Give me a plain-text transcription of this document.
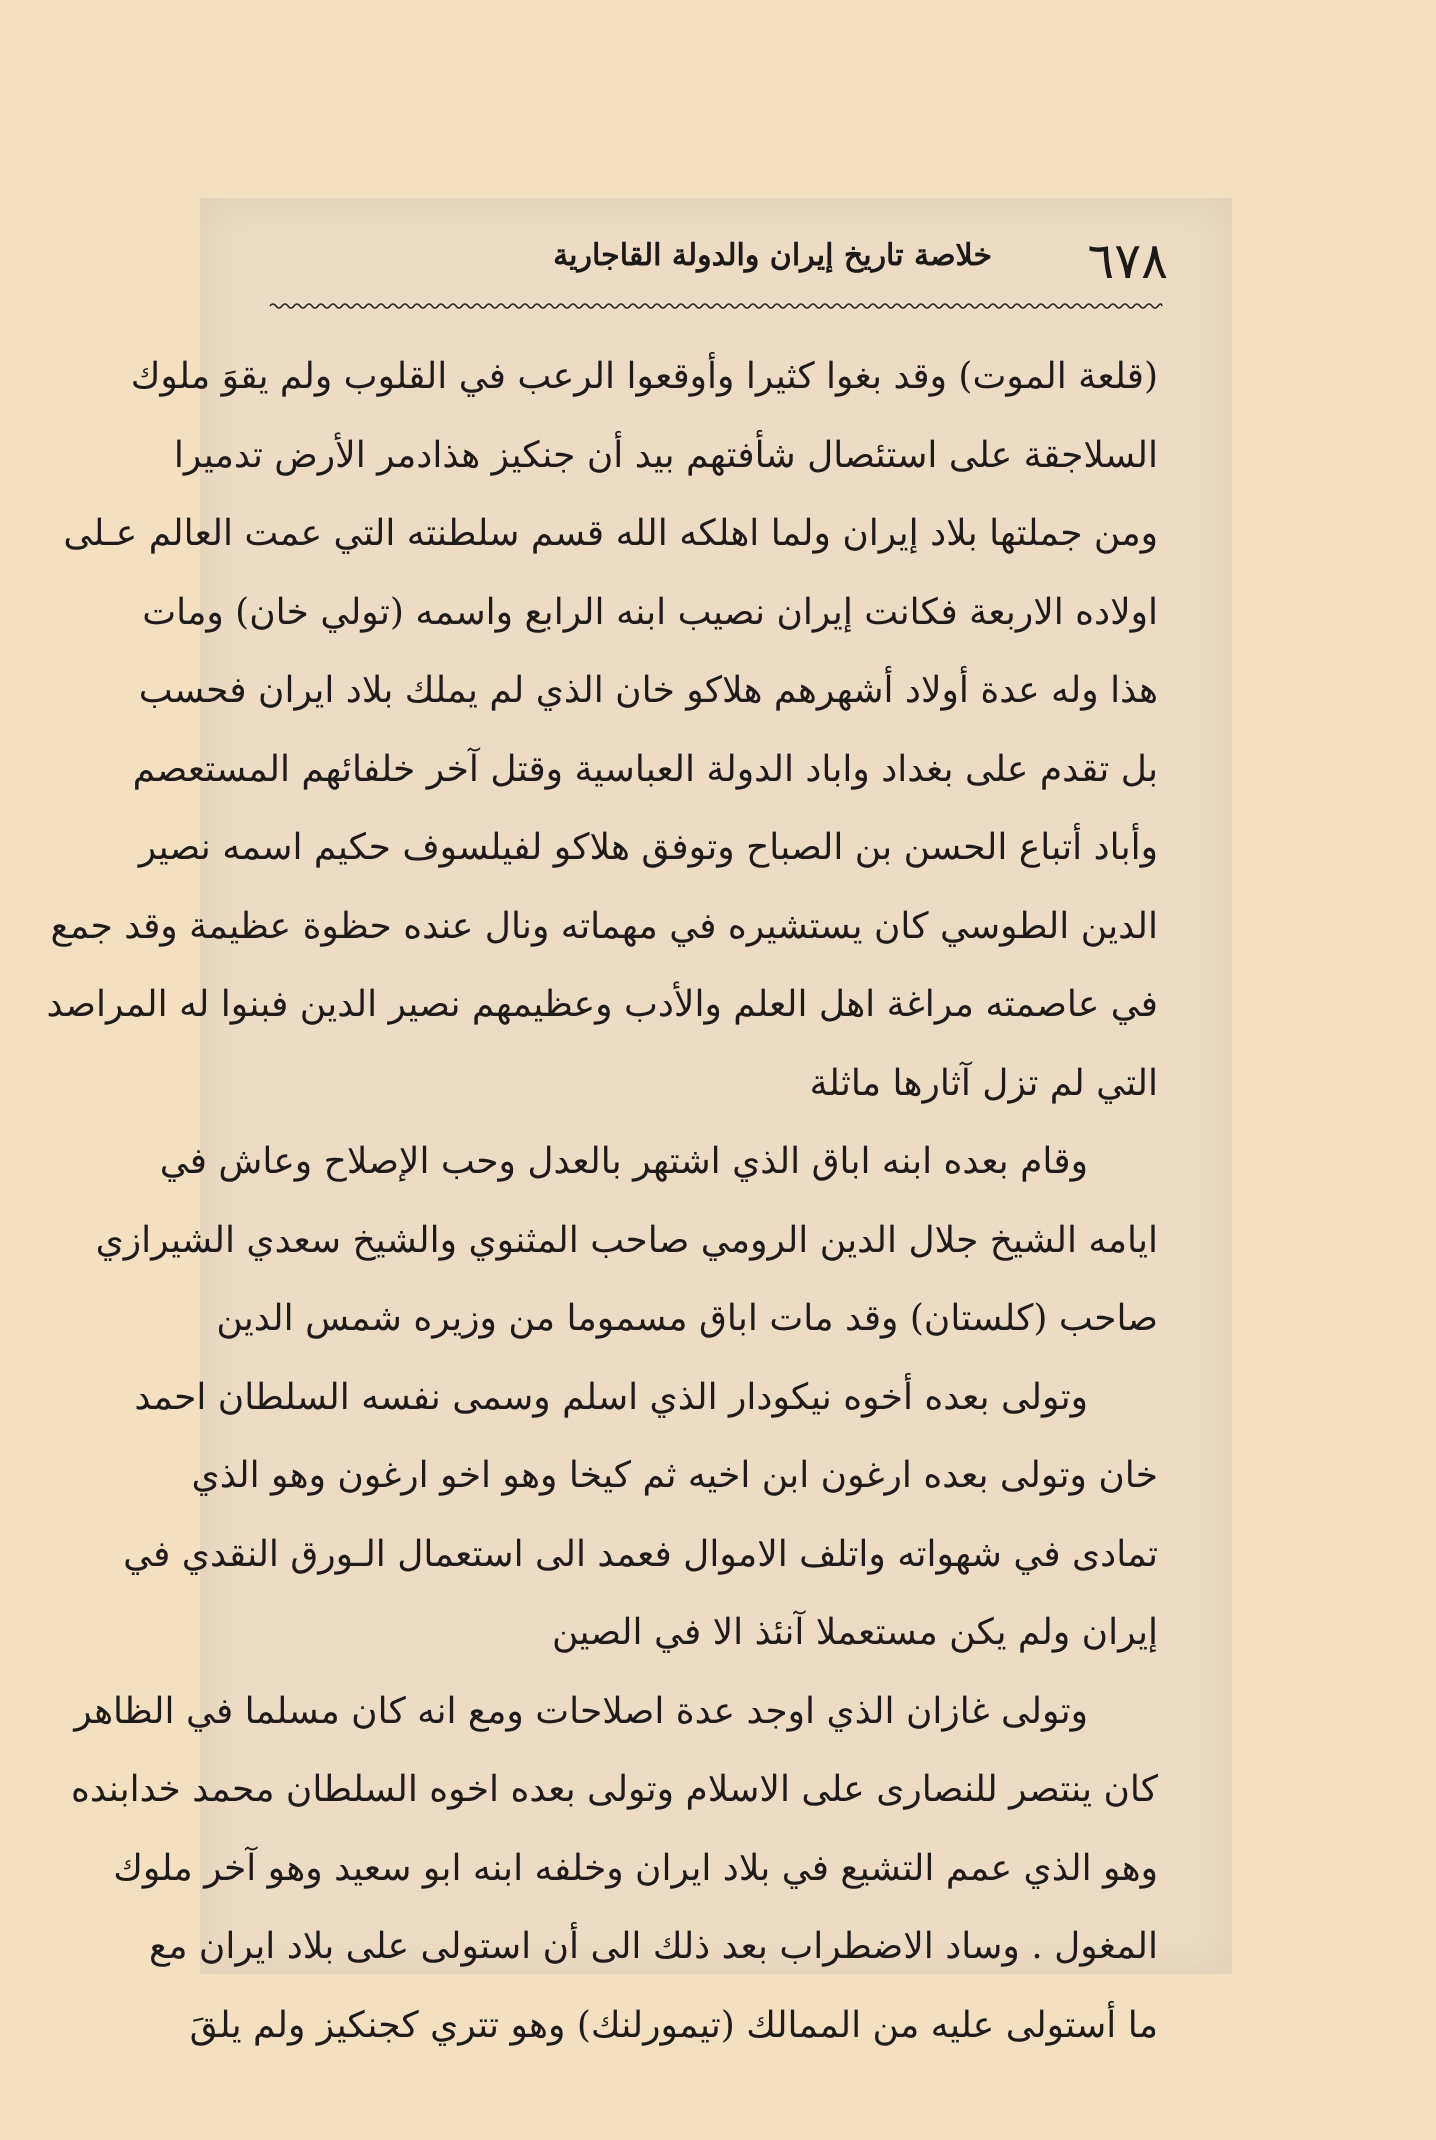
٦٧٨
خلاصة تاريخ إيران والدولة القاجارية
(قلعة الموت) وقد بغوا كثيرا وأوقعوا الرعب في القلوب ولم يقوَ ملوك
السلاجقة على استئصال شأفتهم بيد أن جنكيز هذادمر الأرض تدميرا
ومن جملتها بلاد إيران ولما اهلكه الله قسم سلطنته التي عمت العالم عـلى
اولاده الاربعة فكانت إيران نصيب ابنه الرابع واسمه (تولي خان) ومات
هذا وله عدة أولاد أشهرهم هلاكو خان الذي لم يملك بلاد ايران فحسب
بل تقدم على بغداد واباد الدولة العباسية وقتل آخر خلفائهم المستعصم
وأباد أتباع الحسن بن الصباح وتوفق هلاكو لفيلسوف حكيم اسمه نصير
الدين الطوسي كان يستشيره في مهماته ونال عنده حظوة عظيمة وقد جمع
في عاصمته مراغة اهل العلم والأدب وعظيمهم نصير الدين فبنوا له المراصد
التي لم تزل آثارها ماثلة
وقام بعده ابنه اباق الذي اشتهر بالعدل وحب الإصلاح وعاش في
ايامه الشيخ جلال الدين الرومي صاحب المثنوي والشيخ سعدي الشيرازي
صاحب (كلستان) وقد مات اباق مسموما من وزيره شمس الدين
وتولى بعده أخوه نيكودار الذي اسلم وسمى نفسه السلطان احمد
خان وتولى بعده ارغون ابن اخيه ثم كيخا وهو اخو ارغون وهو الذي
تمادى في شهواته واتلف الاموال فعمد الى استعمال الـورق النقدي في
إيران ولم يكن مستعملا آنئذ الا في الصين
وتولى غازان الذي اوجد عدة اصلاحات ومع انه كان مسلما في الظاهر
كان ينتصر للنصارى على الاسلام وتولى بعده اخوه السلطان محمد خدابنده
وهو الذي عمم التشيع في بلاد ايران وخلفه ابنه ابو سعيد وهو آخر ملوك
المغول . وساد الاضطراب بعد ذلك الى أن استولى على بلاد ايران مع
ما أستولى عليه من الممالك (تيمورلنك) وهو تتري كجنكيز ولم يلقَ
